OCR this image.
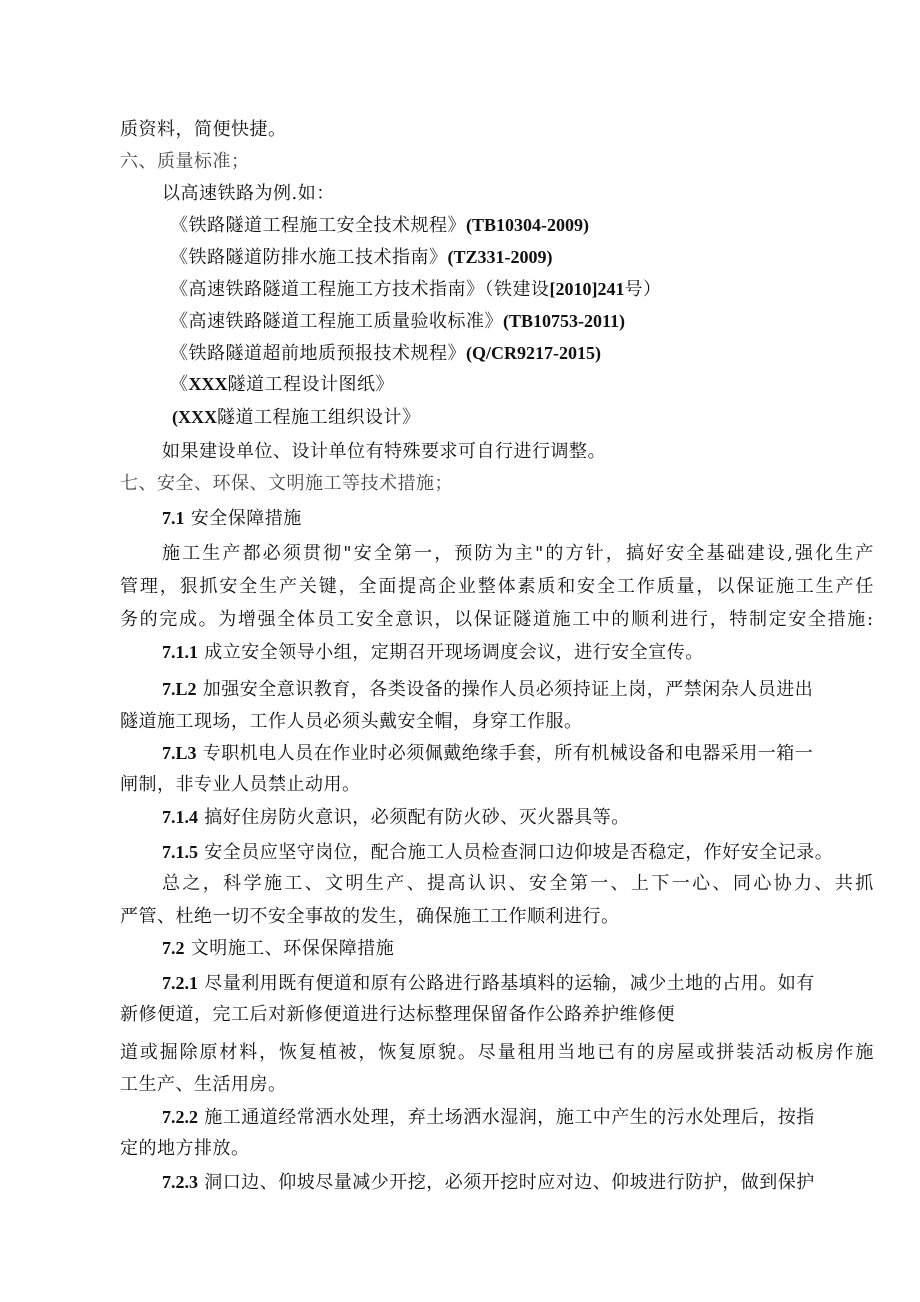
质资料，简便快捷。
六、质量标准；
以高速铁路为例.如：
《铁路隧道工程施工安全技术规程》(TB10304-2009)
《铁路隧道防排水施工技术指南》(TZ331-2009)
《高速铁路隧道工程施工方技术指南》（铁建设[2010]241号）
《高速铁路隧道工程施工质量验收标准》(TB10753-2011)
《铁路隧道超前地质预报技术规程》(Q/CR9217-2015)
《XXX隧道工程设计图纸》
(XXX隧道工程施工组织设计》
如果建设单位、设计单位有特殊要求可自行进行调整。
七、安全、环保、文明施工等技术措施；
7.1 安全保障措施
施 工 生 产 都 必 须 贯 彻 " 安 全 第 一 ， 预 防 为 主 " 的 方 针 ， 搞 好 安 全 基 础 建 设 , 强 化 生 产
管 理 ， 狠 抓 安 全 生 产 关 键 ， 全 面 提 高 企 业 整 体 素 质 和 安 全 工 作 质 量 ， 以 保 证 施 工 生 产 任
务 的 完 成 。 为 增 强 全 体 员 工 安 全 意 识 ， 以 保 证 隧 道 施 工 中 的 顺 利 进 行 ， 特 制 定 安 全 措 施 :
7.1.1 成立安全领导小组，定期召开现场调度会议，进行安全宣传。
7.L2 加强安全意识教育，各类设备的操作人员必须持证上岗，严禁闲杂人员进出
隧道施工现场，工作人员必须头戴安全帽，身穿工作服。
7.L3 专职机电人员在作业时必须佩戴绝缘手套，所有机械设备和电器采用一箱一
闸制，非专业人员禁止动用。
7.1.4 搞好住房防火意识，必须配有防火砂、灭火器具等。
7.1.5 安全员应坚守岗位，配合施工人员检查洞口边仰坡是否稳定，作好安全记录。
总 之 ， 科 学 施 工 、 文 明 生 产 、 提 高 认 识 、 安 全 第 一 、 上 下 一 心 、 同 心 协 力 、 共 抓
严管、杜绝一切不安全事故的发生，确保施工工作顺利进行。
7.2 文明施工、环保保障措施
7.2.1 尽量利用既有便道和原有公路进行路基填料的运输，减少土地的占用。如有
新修便道，完工后对新修便道进行达标整理保留备作公路养护维修便
道 或 掘 除 原 材 料 ， 恢 复 植 被 ， 恢 复 原 貌 。 尽 量 租 用 当 地 已 有 的 房 屋 或 拼 装 活 动 板 房 作 施
工生产、生活用房。
7.2.2 施工通道经常洒水处理，弃土场洒水湿润，施工中产生的污水处理后，按指
定的地方排放。
7.2.3 洞口边、仰坡尽量减少开挖，必须开挖时应对边、仰坡进行防护，做到保护
